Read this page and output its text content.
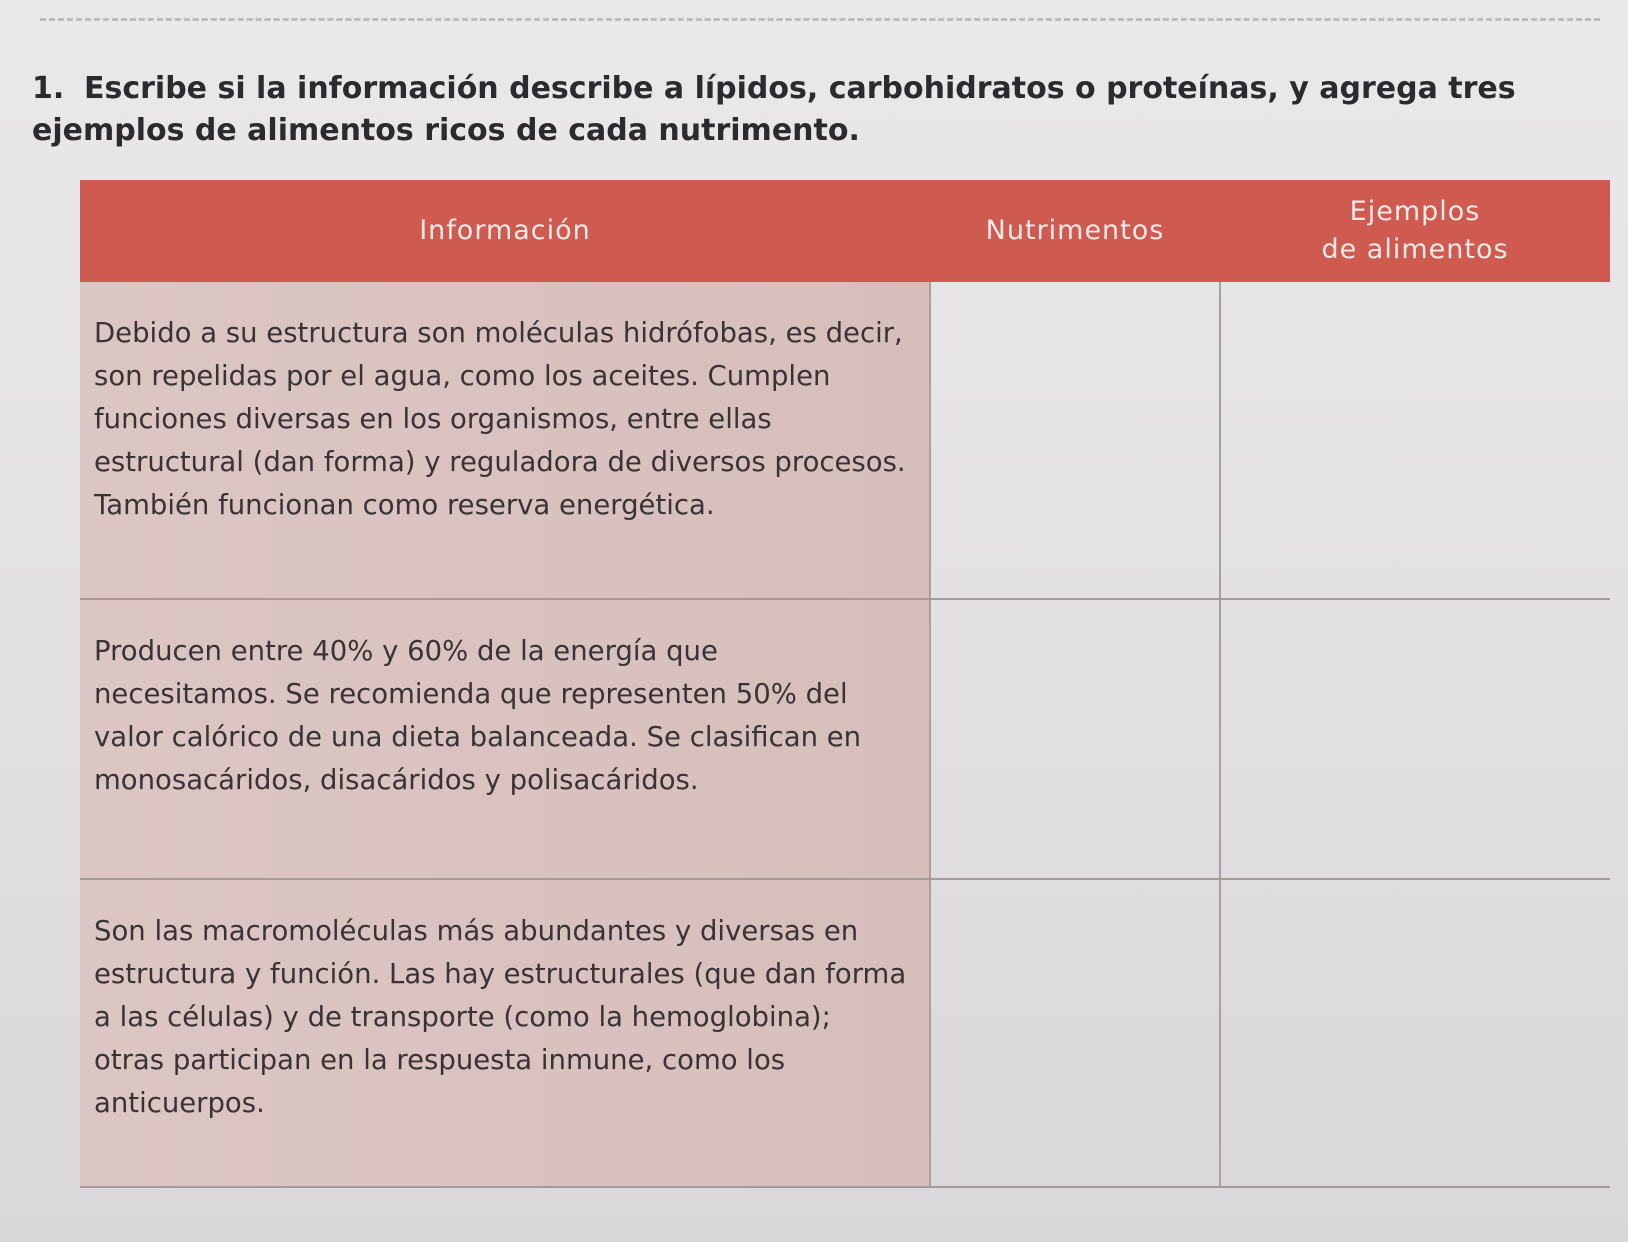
1. Escribe si la información describe a lípidos, carbohidratos o proteínas, y agrega tres ejemplos de alimentos ricos de cada nutrimento.

Información	Nutrimentos	Ejemplos
de alimentos

Debido a su estructura son moléculas hidrófobas, es decir, son repelidas por el agua, como los aceites. Cumplen funciones diversas en los organismos, entre ellas estructural (dan forma) y reguladora de diversos procesos. También funcionan como reserva energética.		
Producen entre 40% y 60% de la energía que necesitamos. Se recomienda que representen 50% del valor calórico de una dieta balanceada. Se clasifican en monosacáridos, disacáridos y polisacáridos.		
Son las macromoléculas más abundantes y diversas en estructura y función. Las hay estructurales (que dan forma a las células) y de transporte (como la hemoglobina); otras participan en la respuesta inmune, como los anticuerpos.		
